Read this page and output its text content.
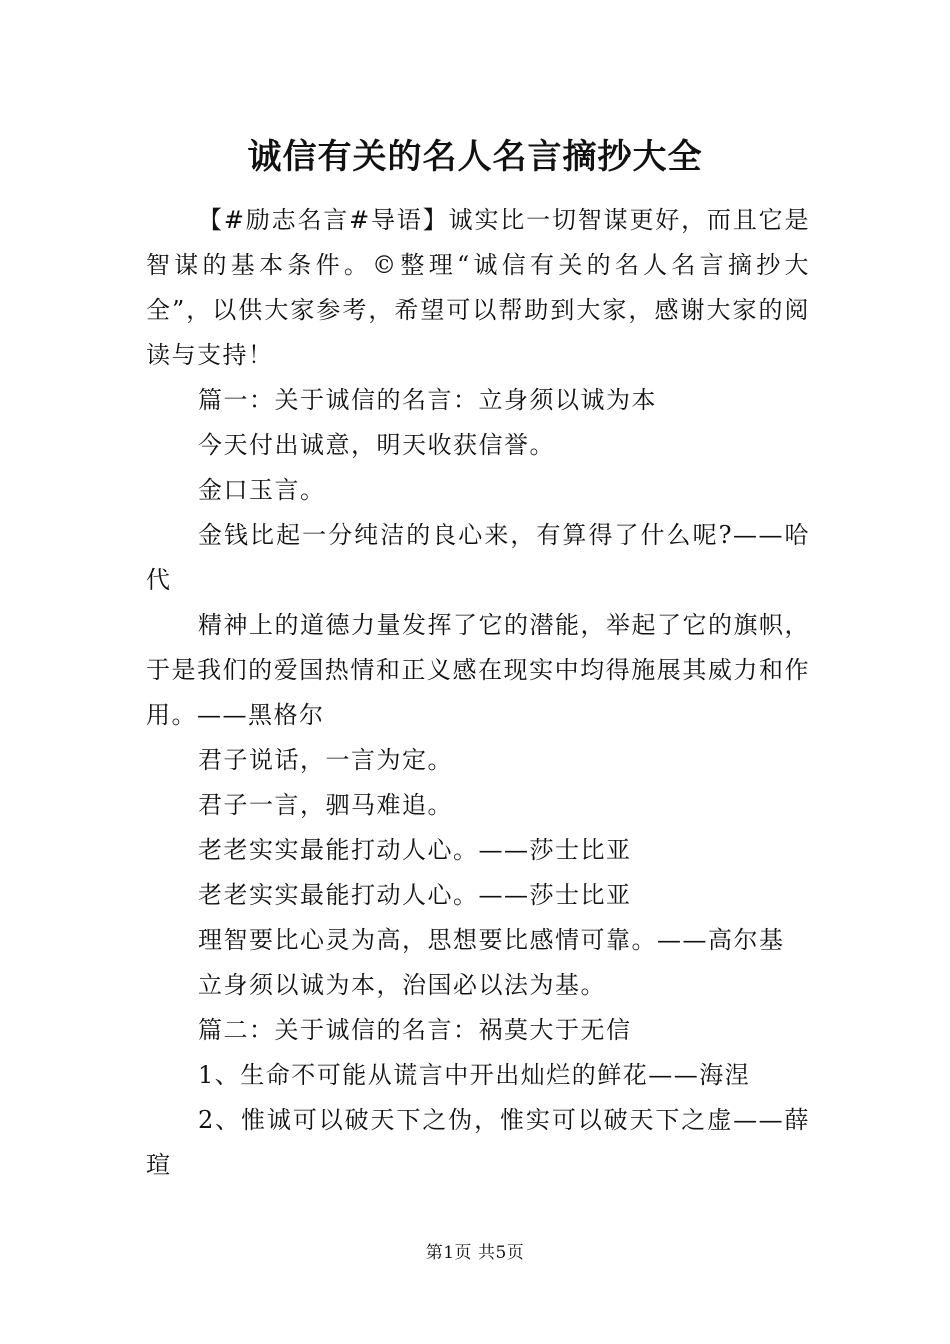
诚信有关的名人名言摘抄大全

【#励志名言#导语】诚实比一切智谋更好，而且它是智谋的基本条件。©整理“诚信有关的名人名言摘抄大全”，以供大家参考，希望可以帮助到大家，感谢大家的阅读与支持！

篇一：关于诚信的名言：立身须以诚为本

今天付出诚意，明天收获信誉。

金口玉言。

金钱比起一分纯洁的良心来，有算得了什么呢?——哈代

精神上的道德力量发挥了它的潜能，举起了它的旗帜，于是我们的爱国热情和正义感在现实中均得施展其威力和作用。——黑格尔

君子说话，一言为定。

君子一言，驷马难追。

老老实实最能打动人心。——莎士比亚

老老实实最能打动人心。——莎士比亚

理智要比心灵为高，思想要比感情可靠。——高尔基

立身须以诚为本，治国必以法为基。

篇二：关于诚信的名言：祸莫大于无信

1、生命不可能从谎言中开出灿烂的鲜花——海涅

2、惟诚可以破天下之伪，惟实可以破天下之虚——薛瑄

第1页 共5页
